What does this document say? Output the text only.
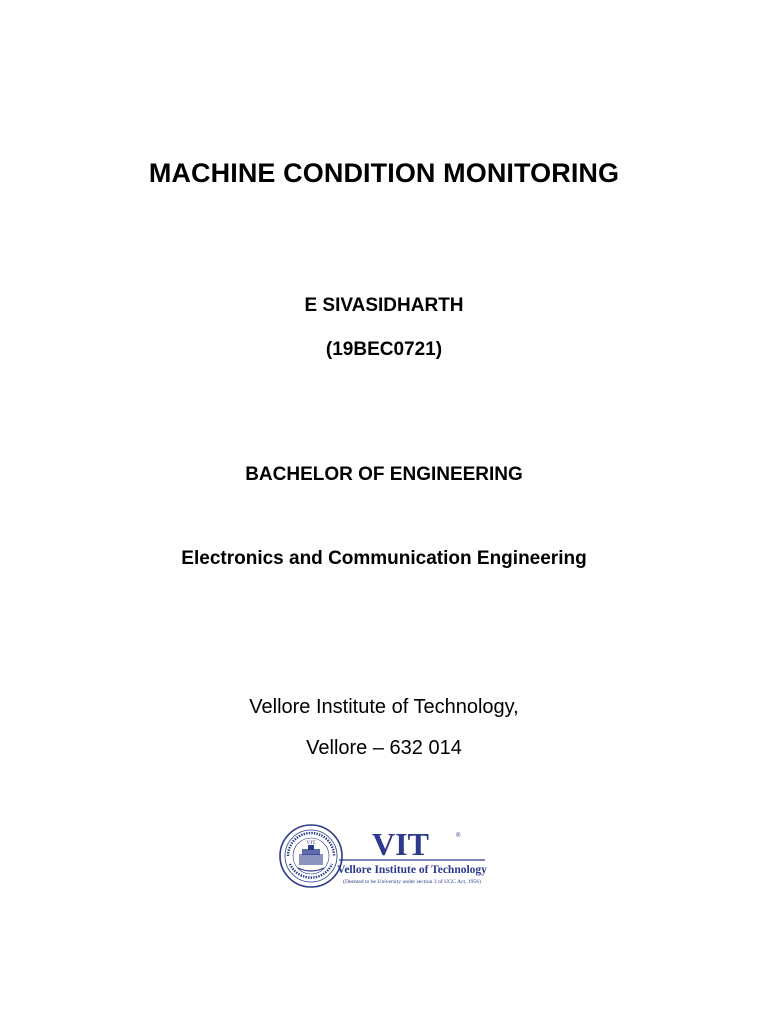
MACHINE CONDITION MONITORING
E SIVASIDHARTH
(19BEC0721)
BACHELOR OF ENGINEERING
Electronics and Communication Engineering
Vellore Institute of Technology,
Vellore – 632 014
VIT VIT	®
Vellore Institute of Technology
(Deemed to be University under section 3 of UGC Act, 1956)
